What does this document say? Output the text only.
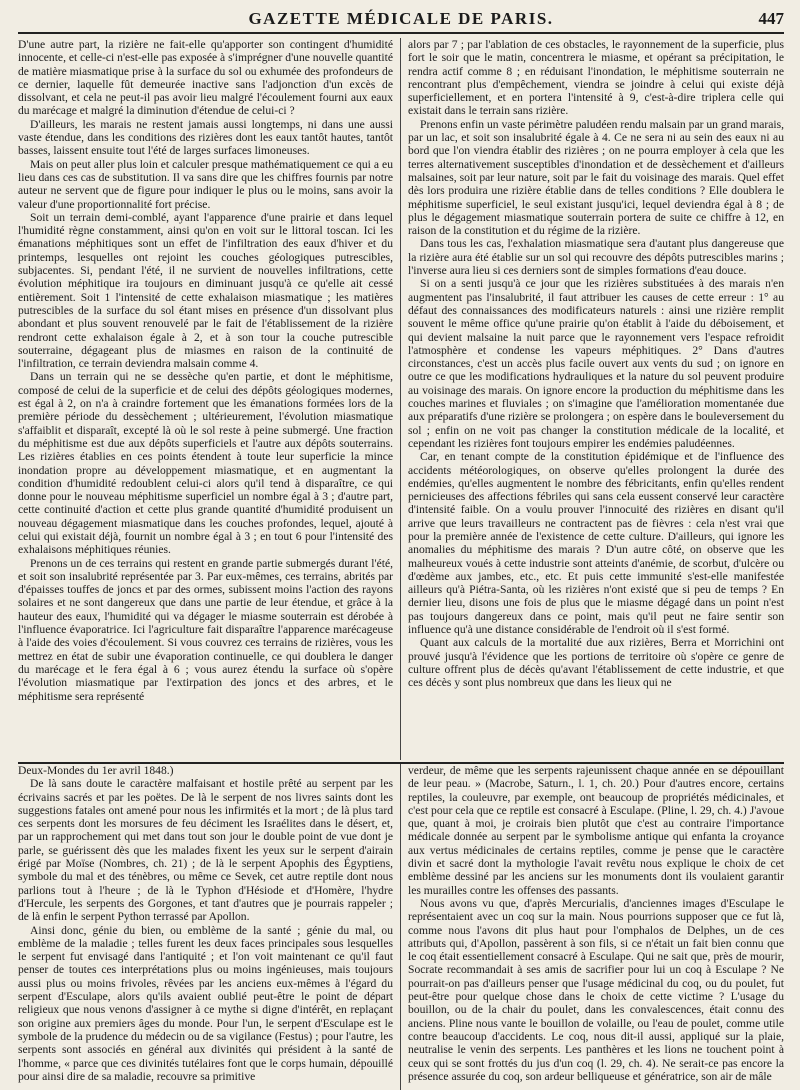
GAZETTE MÉDICALE DE PARIS.	447

D'une autre part, la rizière ne fait-elle qu'apporter son contingent d'humidité innocente, et celle-ci n'est-elle pas exposée à s'imprégner d'une nouvelle quantité de matière miasmatique prise à la surface du sol ou exhumée des profondeurs de ce dernier, laquelle fût demeurée inactive sans l'adjonction d'un excès de dissolvant, et cela ne peut-il pas avoir lieu malgré l'écoulement fourni aux eaux du marécage et malgré la diminution d'étendue de celui-ci ?

D'ailleurs, les marais ne restent jamais aussi longtemps, ni dans une aussi vaste étendue, dans les conditions des rizières dont les eaux tantôt hautes, tantôt basses, laissent ensuite tout l'été de larges surfaces limoneuses.

Mais on peut aller plus loin et calculer presque mathématiquement ce qui a eu lieu dans ces cas de substitution. Il va sans dire que les chiffres fournis par notre auteur ne servent que de figure pour indiquer le plus ou le moins, sans avoir la valeur d'une proportionnalité fort précise.

Soit un terrain demi-comblé, ayant l'apparence d'une prairie et dans lequel l'humidité règne constamment, ainsi qu'on en voit sur le littoral toscan. Ici les émanations méphitiques sont un effet de l'infiltration des eaux d'hiver et du printemps, lesquelles ont rejoint les couches géologiques putrescibles, subjacentes. Si, pendant l'été, il ne survient de nouvelles infiltrations, cette évolution méphitique ira toujours en diminuant jusqu'à ce qu'elle ait cessé entièrement. Soit 1 l'intensité de cette exhalaison miasmatique ; les matières putrescibles de la surface du sol étant mises en présence d'un dissolvant plus abondant et plus souvent renouvelé par le fait de l'établissement de la rizière rendront cette exhalaison égale à 2, et à son tour la couche putrescible souterraine, dégageant plus de miasmes en raison de la continuité de l'infiltration, ce terrain deviendra malsain comme 4.

Dans un terrain qui ne se dessèche qu'en partie, et dont le méphitisme, composé de celui de la superficie et de celui des dépôts géologiques modernes, est égal à 2, on n'a à craindre fortement que les émanations formées lors de la première période du dessèchement ; ultérieurement, l'évolution miasmatique s'affaiblit et disparaît, excepté là où le sol reste à peine submergé. Une fraction du méphitisme est due aux dépôts superficiels et l'autre aux dépôts souterrains. Les rizières établies en ces points étendent à toute leur superficie la mince inondation propre au développement miasmatique, et en augmentant la condition d'humidité redoublent celui-ci alors qu'il tend à disparaître, ce qui donne pour le nouveau méphitisme superficiel un nombre égal à 3 ; d'autre part, cette continuité d'action et cette plus grande quantité d'humidité produisent un nouveau dégagement miasmatique dans les couches profondes, lequel, ajouté à celui qui existait déjà, fournit un nombre égal à 3 ; en tout 6 pour l'intensité des exhalaisons méphitiques réunies.

Prenons un de ces terrains qui restent en grande partie submergés durant l'été, et soit son insalubrité représentée par 3. Par eux-mêmes, ces terrains, abrités par d'épaisses touffes de joncs et par des ormes, subissent moins l'action des rayons solaires et ne sont dangereux que dans une partie de leur étendue, et grâce à la hauteur des eaux, l'humidité qui va dégager le miasme souterrain est dérobée à l'influence évaporatrice. Ici l'agriculture fait disparaître l'apparence marécageuse à l'aide des voies d'écoulement. Si vous couvrez ces terrains de rizières, vous les mettrez en état de subir une évaporation continuelle, ce qui doublera le danger du marécage et le fera égal à 6 ; vous aurez étendu la surface où s'opère l'évolution miasmatique par l'extirpation des joncs et des arbres, et le méphitisme sera représenté

alors par 7 ; par l'ablation de ces obstacles, le rayonnement de la superficie, plus fort le soir que le matin, concentrera le miasme, et opérant sa précipitation, le rendra actif comme 8 ; en réduisant l'inondation, le méphitisme souterrain ne rencontrant plus d'empêchement, viendra se joindre à celui qui existe déjà superficiellement, et en portera l'intensité à 9, c'est-à-dire triplera celle qui existait dans le terrain sans rizière.

Prenons enfin un vaste périmètre paludéen rendu malsain par un grand marais, par un lac, et soit son insalubrité égale à 4. Ce ne sera ni au sein des eaux ni au bord que l'on viendra établir des rizières ; on ne pourra employer à cela que les terres alternativement susceptibles d'inondation et de dessèchement et d'ailleurs malsaines, soit par leur nature, soit par le fait du voisinage des marais. Quel effet dès lors produira une rizière établie dans de telles conditions ? Elle doublera le méphitisme superficiel, le seul existant jusqu'ici, lequel deviendra égal à 8 ; de plus le dégagement miasmatique souterrain portera de suite ce chiffre à 12, en raison de la constitution et du régime de la rizière.

Dans tous les cas, l'exhalation miasmatique sera d'autant plus dangereuse que la rizière aura été établie sur un sol qui recouvre des dépôts putrescibles marins ; l'inverse aura lieu si ces derniers sont de simples formations d'eau douce.

Si on a senti jusqu'à ce jour que les rizières substituées à des marais n'en augmentent pas l'insalubrité, il faut attribuer les causes de cette erreur : 1° au défaut des connaissances des modificateurs naturels : ainsi une rizière remplit souvent le même office qu'une prairie qu'on établit à l'aide du déboisement, et qui devient malsaine la nuit parce que le rayonnement vers l'espace refroidit l'atmosphère et condense les vapeurs méphitiques. 2° Dans d'autres circonstances, c'est un accès plus facile ouvert aux vents du sud ; on ignore en outre ce que les modifications hydrauliques et la nature du sol peuvent produire au voisinage des marais. On ignore encore la production du méphitisme dans les couches marines et fluviales ; on s'imagine que l'amélioration momentanée due aux préparatifs d'une rizière se prolongera ; on espère dans le bouleversement du sol ; enfin on ne voit pas changer la constitution médicale de la localité, et cependant les rizières font toujours empirer les endémies paludéennes.

Car, en tenant compte de la constitution épidémique et de l'influence des accidents météorologiques, on observe qu'elles prolongent la durée des endémies, qu'elles augmentent le nombre des fébricitants, enfin qu'elles rendent pernicieuses des affections fébriles qui sans cela eussent conservé leur caractère d'intensité faible. On a voulu prouver l'innocuité des rizières en disant qu'il arrive que leurs travailleurs ne contractent pas de fièvres : cela n'est vrai que pour la première année de l'existence de cette culture. D'ailleurs, qui ignore les anomalies du méphitisme des marais ? D'un autre côté, on observe que les malheureux voués à cette industrie sont atteints d'anémie, de scorbut, d'ulcère ou d'œdème aux jambes, etc., etc. Et puis cette immunité s'est-elle manifestée ailleurs qu'à Piétra-Santa, où les rizières n'ont existé que si peu de temps ? En dernier lieu, disons une fois de plus que le miasme dégagé dans un point n'est pas toujours dangereux dans ce point, mais qu'il peut ne faire sentir son influence qu'à une distance considérable de l'endroit où il s'est formé.

Quant aux calculs de la mortalité due aux rizières, Berra et Morrichini ont prouvé jusqu'à l'évidence que les portions de territoire où s'opère ce genre de culture offrent plus de décès qu'avant l'établissement de cette industrie, et que ces décès y sont plus nombreux que dans les lieux qui ne

Deux-Mondes du 1er avril 1848.)

De là sans doute le caractère malfaisant et hostile prêté au serpent par les écrivains sacrés et par les poëtes. De là le serpent de nos livres saints dont les suggestions fatales ont amené pour nous les infirmités et la mort ; de là plus tard ces serpents dont les morsures de feu déciment les Israélites dans le désert, et, par un rapprochement qui met dans tout son jour le double point de vue dont je parle, se guérissent dès que les malades fixent les yeux sur le serpent d'airain érigé par Moïse (Nombres, ch. 21) ; de là le serpent Apophis des Égyptiens, symbole du mal et des ténèbres, ou même ce Sevek, cet autre reptile dont nous parlions tout à l'heure ; de là le Typhon d'Hésiode et d'Homère, l'hydre d'Hercule, les serpents des Gorgones, et tant d'autres que je pourrais rappeler ; de là enfin le serpent Python terrassé par Apollon.

Ainsi donc, génie du bien, ou emblème de la santé ; génie du mal, ou emblème de la maladie ; telles furent les deux faces principales sous lesquelles le serpent fut envisagé dans l'antiquité ; et l'on voit maintenant ce qu'il faut penser de toutes ces interprétations plus ou moins ingénieuses, mais toujours aussi plus ou moins frivoles, rêvées par les anciens eux-mêmes à l'égard du serpent d'Esculape, alors qu'ils avaient oublié peut-être le point de départ religieux que nous venons d'assigner à ce mythe si digne d'intérêt, en replaçant son origine aux premiers âges du monde. Pour l'un, le serpent d'Esculape est le symbole de la prudence du médecin ou de sa vigilance (Festus) ; pour l'autre, les serpents sont associés en général aux divinités qui président à la santé de l'homme, « parce que ces divinités tutélaires font que le corps humain, dépouillé pour ainsi dire de sa maladie, recouvre sa primitive

verdeur, de même que les serpents rajeunissent chaque année en se dépouillant de leur peau. » (Macrobe, Saturn., l. 1, ch. 20.) Pour d'autres encore, certains reptiles, la couleuvre, par exemple, ont beaucoup de propriétés médicinales, et c'est pour cela que ce reptile est consacré à Esculape. (Pline, l. 29, ch. 4.) J'avoue que, quant à moi, je croirais bien plutôt que c'est au contraire l'importance médicale donnée au serpent par le symbolisme antique qui enfanta la croyance aux vertus médicinales de certains reptiles, comme je pense que le caractère divin et sacré dont la mythologie l'avait revêtu nous explique le choix de cet emblème dessiné par les anciens sur les monuments dont ils voulaient garantir les murailles contre les offenses des passants.

Nous avons vu que, d'après Mercurialis, d'anciennes images d'Esculape le représentaient avec un coq sur la main. Nous pourrions supposer que ce fut là, comme nous l'avons dit plus haut pour l'omphalos de Delphes, un de ces attributs qui, d'Apollon, passèrent à son fils, si ce n'était un fait bien connu que le coq était essentiellement consacré à Esculape. Qui ne sait que, près de mourir, Socrate recommandait à ses amis de sacrifier pour lui un coq à Esculape ? Ne pourrait-on pas d'ailleurs penser que l'usage médicinal du coq, ou du poulet, fut peut-être pour quelque chose dans le choix de cette victime ? L'usage du bouillon, ou de la chair du poulet, dans les convalescences, était connu des anciens. Pline nous vante le bouillon de volaille, ou l'eau de poulet, comme utile contre beaucoup d'accidents. Le coq, nous dit-il aussi, appliqué sur la plaie, neutralise le venin des serpents. Les panthères et les lions ne touchent point à ceux qui se sont frottés du jus d'un coq (l. 29, ch. 4). Ne serait-ce pas encore la présence assurée du coq, son ardeur belliqueuse et génératrice, son air de mâle
